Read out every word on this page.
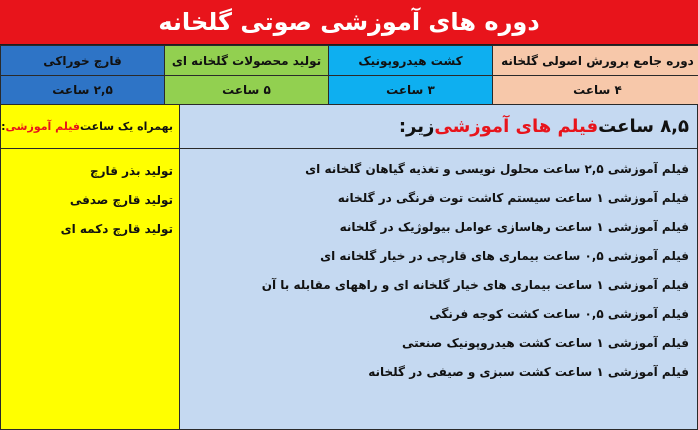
دوره های آموزشی صوتی گلخانه
قارچ خوراکی	تولید محصولات گلخانه ای	کشت هیدروپونیک	دوره جامع پرورش اصولی گلخانه
۲,۵ ساعت	۵ ساعت	۳ ساعت	۴ ساعت
بهمراه یک ساعت
فیلم آموزشی
:
تولید بذر قارچ
تولید قارچ صدفی
تولید قارچ دکمه ای
۸,۵ ساعت
فیلم های آموزشی
زیر:
فیلم آموزشی ۲,۵ ساعت محلول نویسی و تغذیه گیاهان گلخانه ای
فیلم آموزشی ۱ ساعت سیستم کاشت توت فرنگی در گلخانه
فیلم آموزشی ۱ ساعت رهاسازی عوامل بیولوژیک در گلخانه
فیلم آموزشی ۰,۵ ساعت بیماری های قارچی در خیار گلخانه ای
فیلم آموزشی ۱ ساعت بیماری های خیار گلخانه ای و راههای مقابله با آن
فیلم آموزشی ۰,۵ ساعت کشت کوجه فرنگی
فیلم آموزشی ۱ ساعت کشت هیدروپونیک صنعتی
فیلم آموزشی ۱ ساعت کشت سبزی و صیفی در گلخانه
